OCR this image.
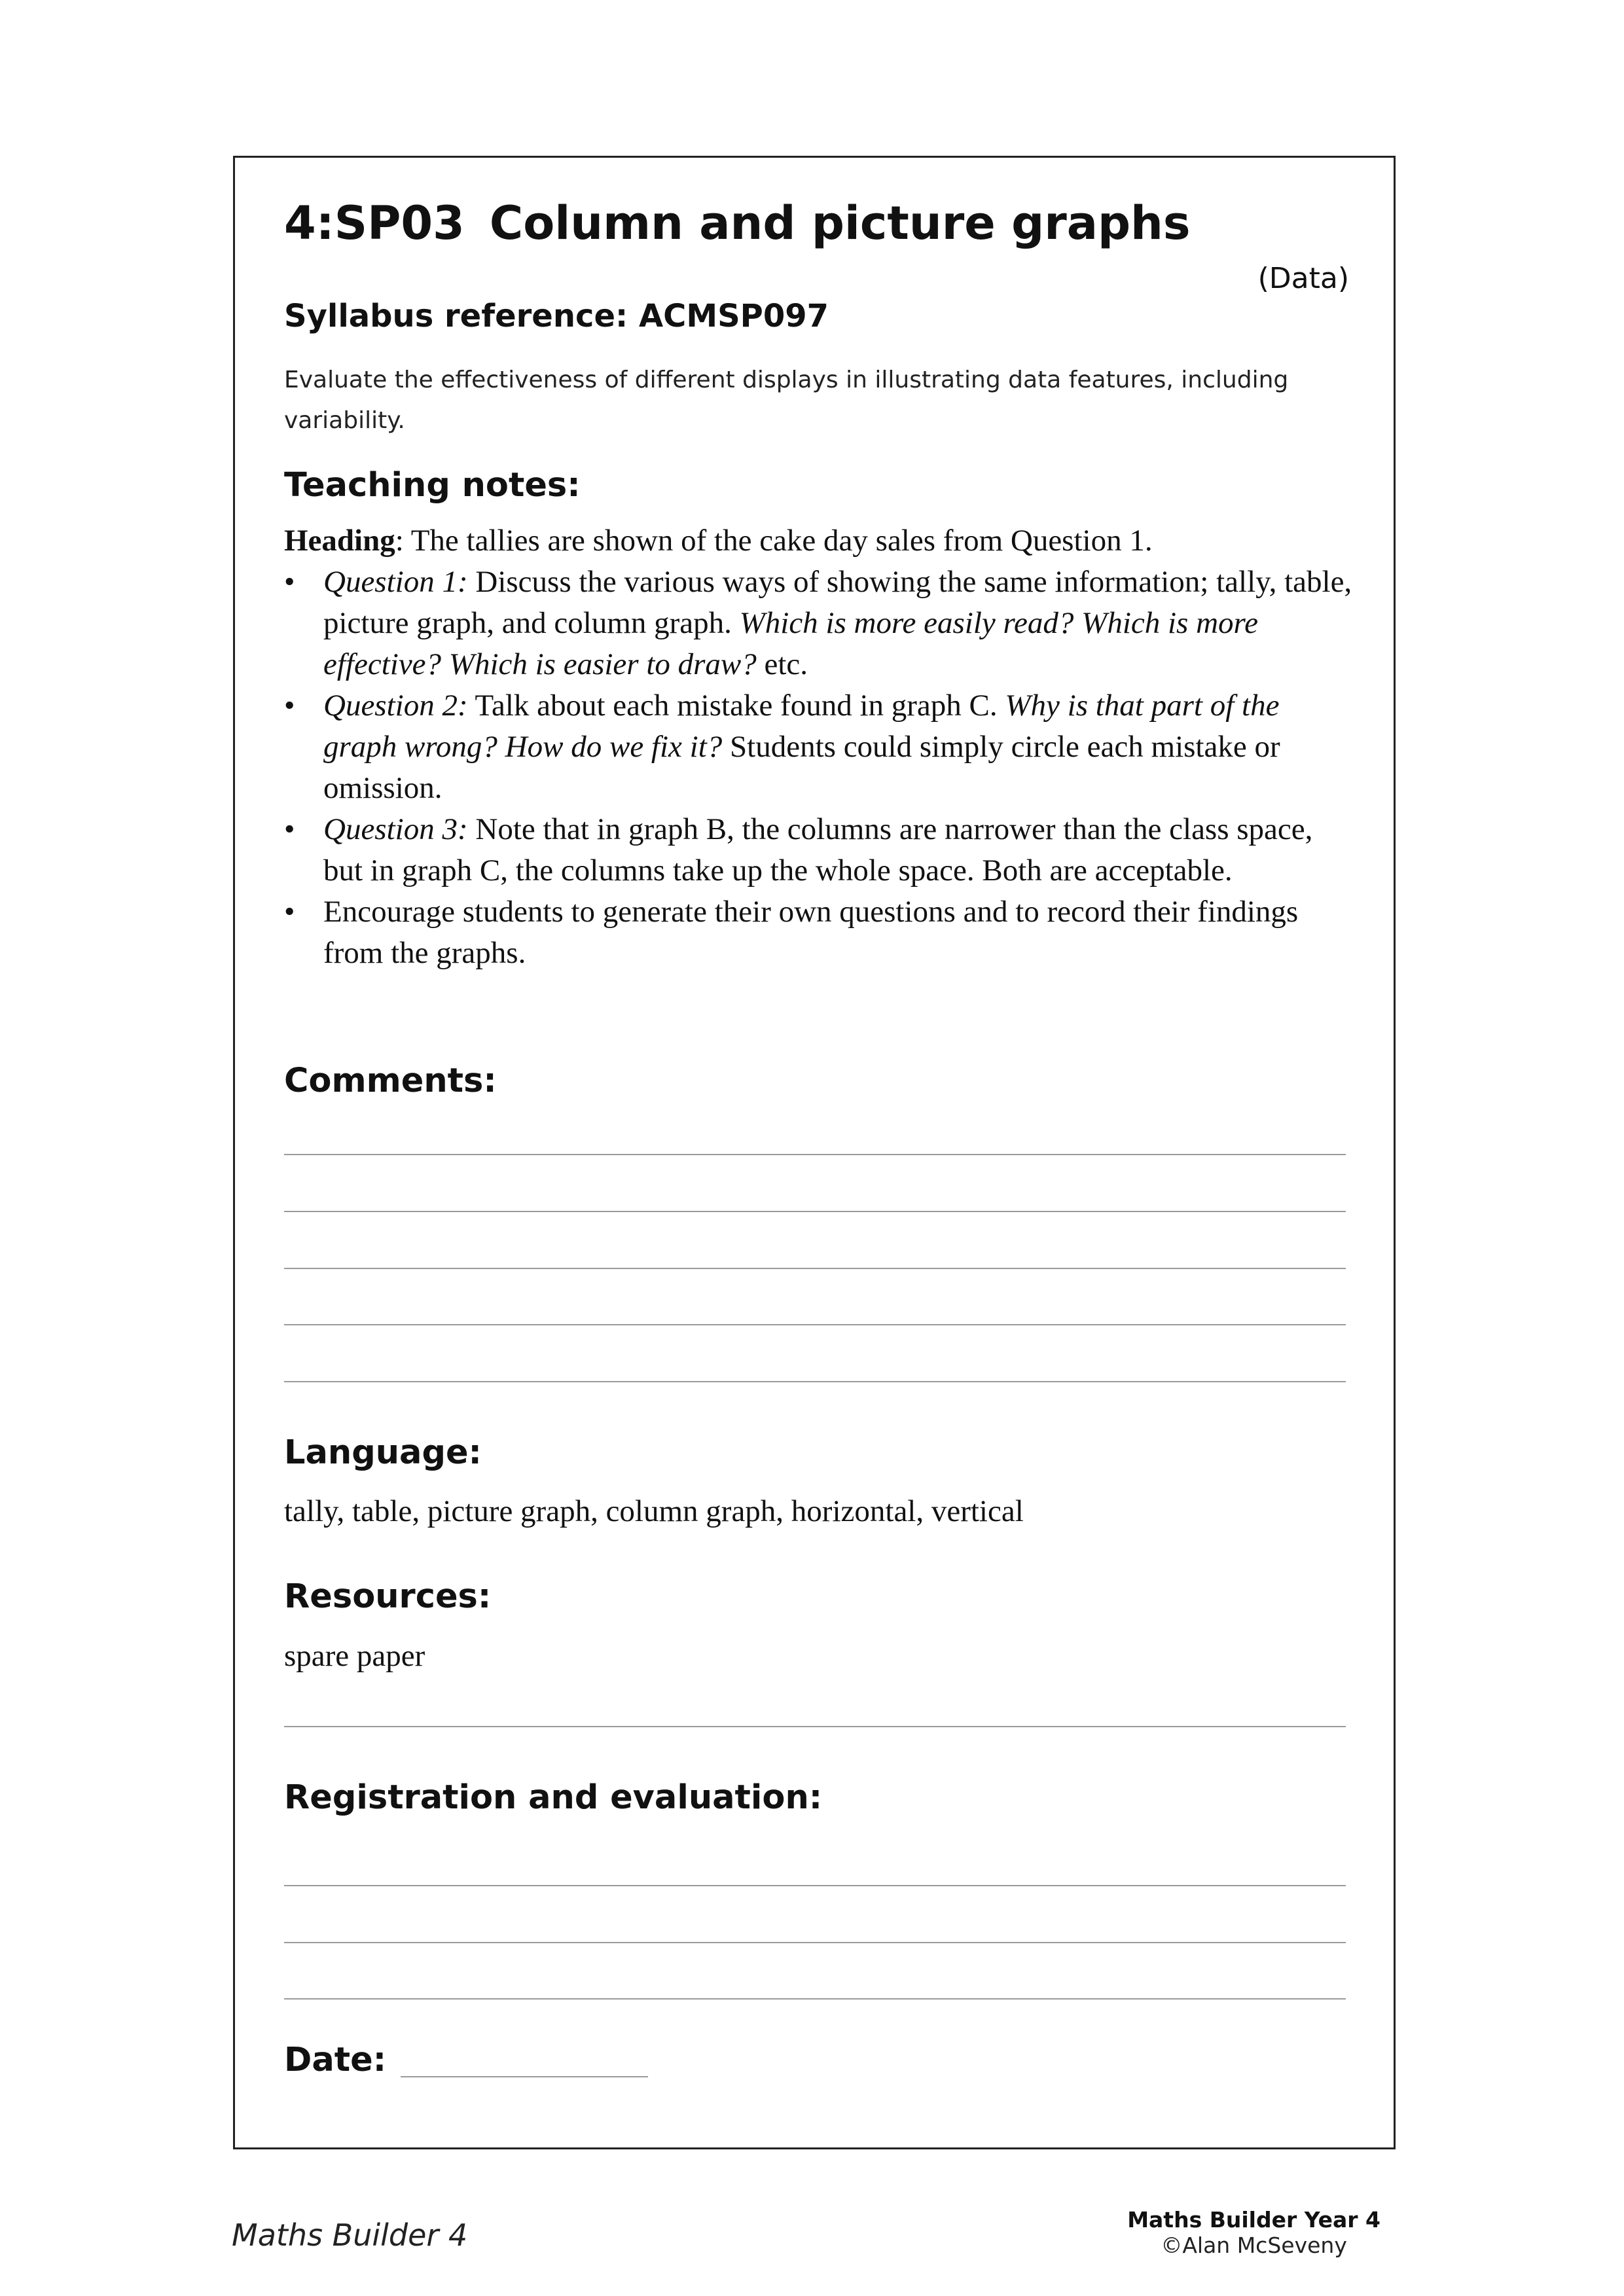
4:SP03 Column and picture graphs
(Data)
Syllabus reference: ACMSP097
Evaluate the effectiveness of different displays in illustrating data features, including variability.
Teaching notes:

Heading: The tallies are shown of the cake day sales from Question 1.

• Question 1: Discuss the various ways of showing the same information; tally, table, picture graph, and column graph. Which is more easily read? Which is more effective? Which is easier to draw? etc.
• Question 2: Talk about each mistake found in graph C. Why is that part of the graph wrong? How do we fix it? Students could simply circle each mistake or omission.
• Question 3: Note that in graph B, the columns are narrower than the class space, but in graph C, the columns take up the whole space. Both are acceptable.
• Encourage students to generate their own questions and to record their findings from the graphs.
Comments:
Language:
tally, table, picture graph, column graph, horizontal, vertical
Resources:
spare paper
Registration and evaluation:
Date:
Maths Builder 4	Maths Builder Year 4
©Alan McSeveny
